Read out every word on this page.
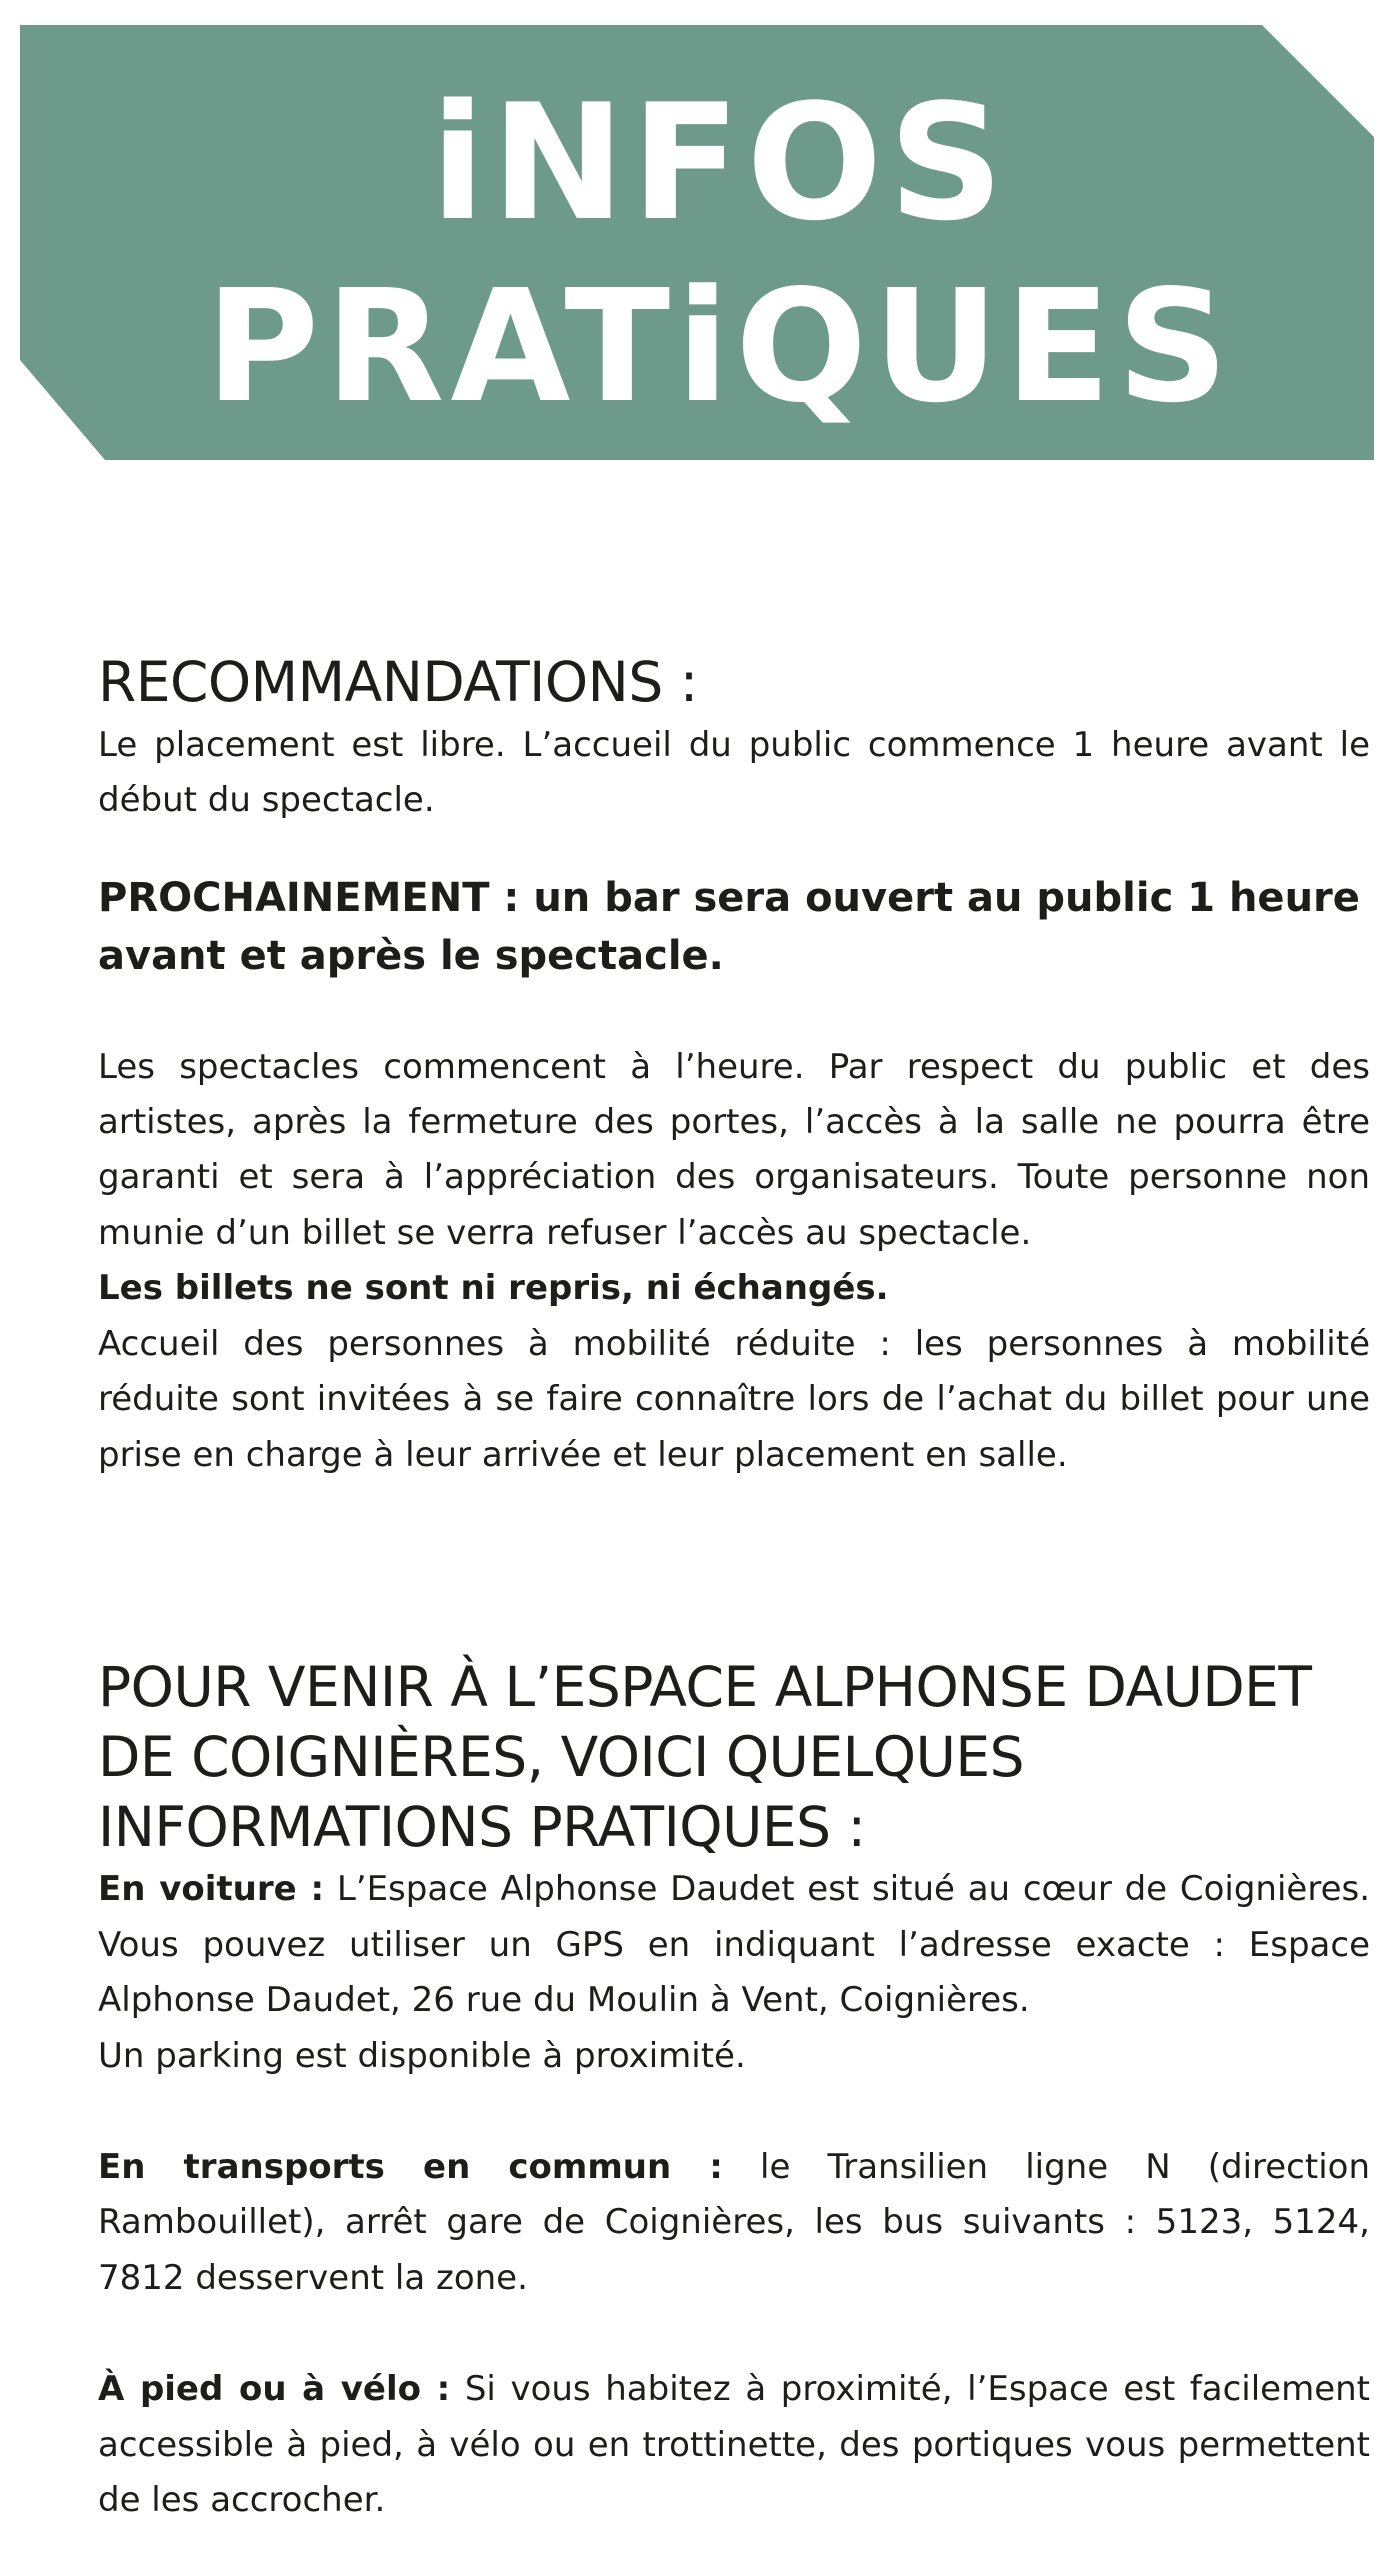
iNFOS
PRATiQUES
RECOMMANDATIONS :

Le placement est libre. L’accueil du public commence 1 heure avant le début du spectacle.

PROCHAINEMENT : un bar sera ouvert au public 1 heure avant et après le spectacle.

Les spectacles commencent à l’heure. Par respect du public et des artistes, après la fermeture des portes, l’accès à la salle ne pourra être garanti et sera à l’appréciation des organisateurs. Toute personne non munie d’un billet se verra refuser l’accès au spectacle.

Les billets ne sont ni repris, ni échangés.

Accueil des personnes à mobilité réduite : les personnes à mobilité réduite sont invitées à se faire connaître lors de l’achat du billet pour une prise en charge à leur arrivée et leur placement en salle.

POUR VENIR À L’ESPACE ALPHONSE DAUDET DE COIGNIÈRES, VOICI QUELQUES INFORMATIONS PRATIQUES :

En voiture : L’Espace Alphonse Daudet est situé au cœur de Coignières. Vous pouvez utiliser un GPS en indiquant l’adresse exacte : Espace Alphonse Daudet, 26 rue du Moulin à Vent, Coignières.

Un parking est disponible à proximité.

En transports en commun : le Transilien ligne N (direction Rambouillet), arrêt gare de Coignières, les bus suivants : 5123, 5124, 7812 desservent la zone.

À pied ou à vélo : Si vous habitez à proximité, l’Espace est facilement accessible à pied, à vélo ou en trottinette, des portiques vous permettent de les accrocher.
